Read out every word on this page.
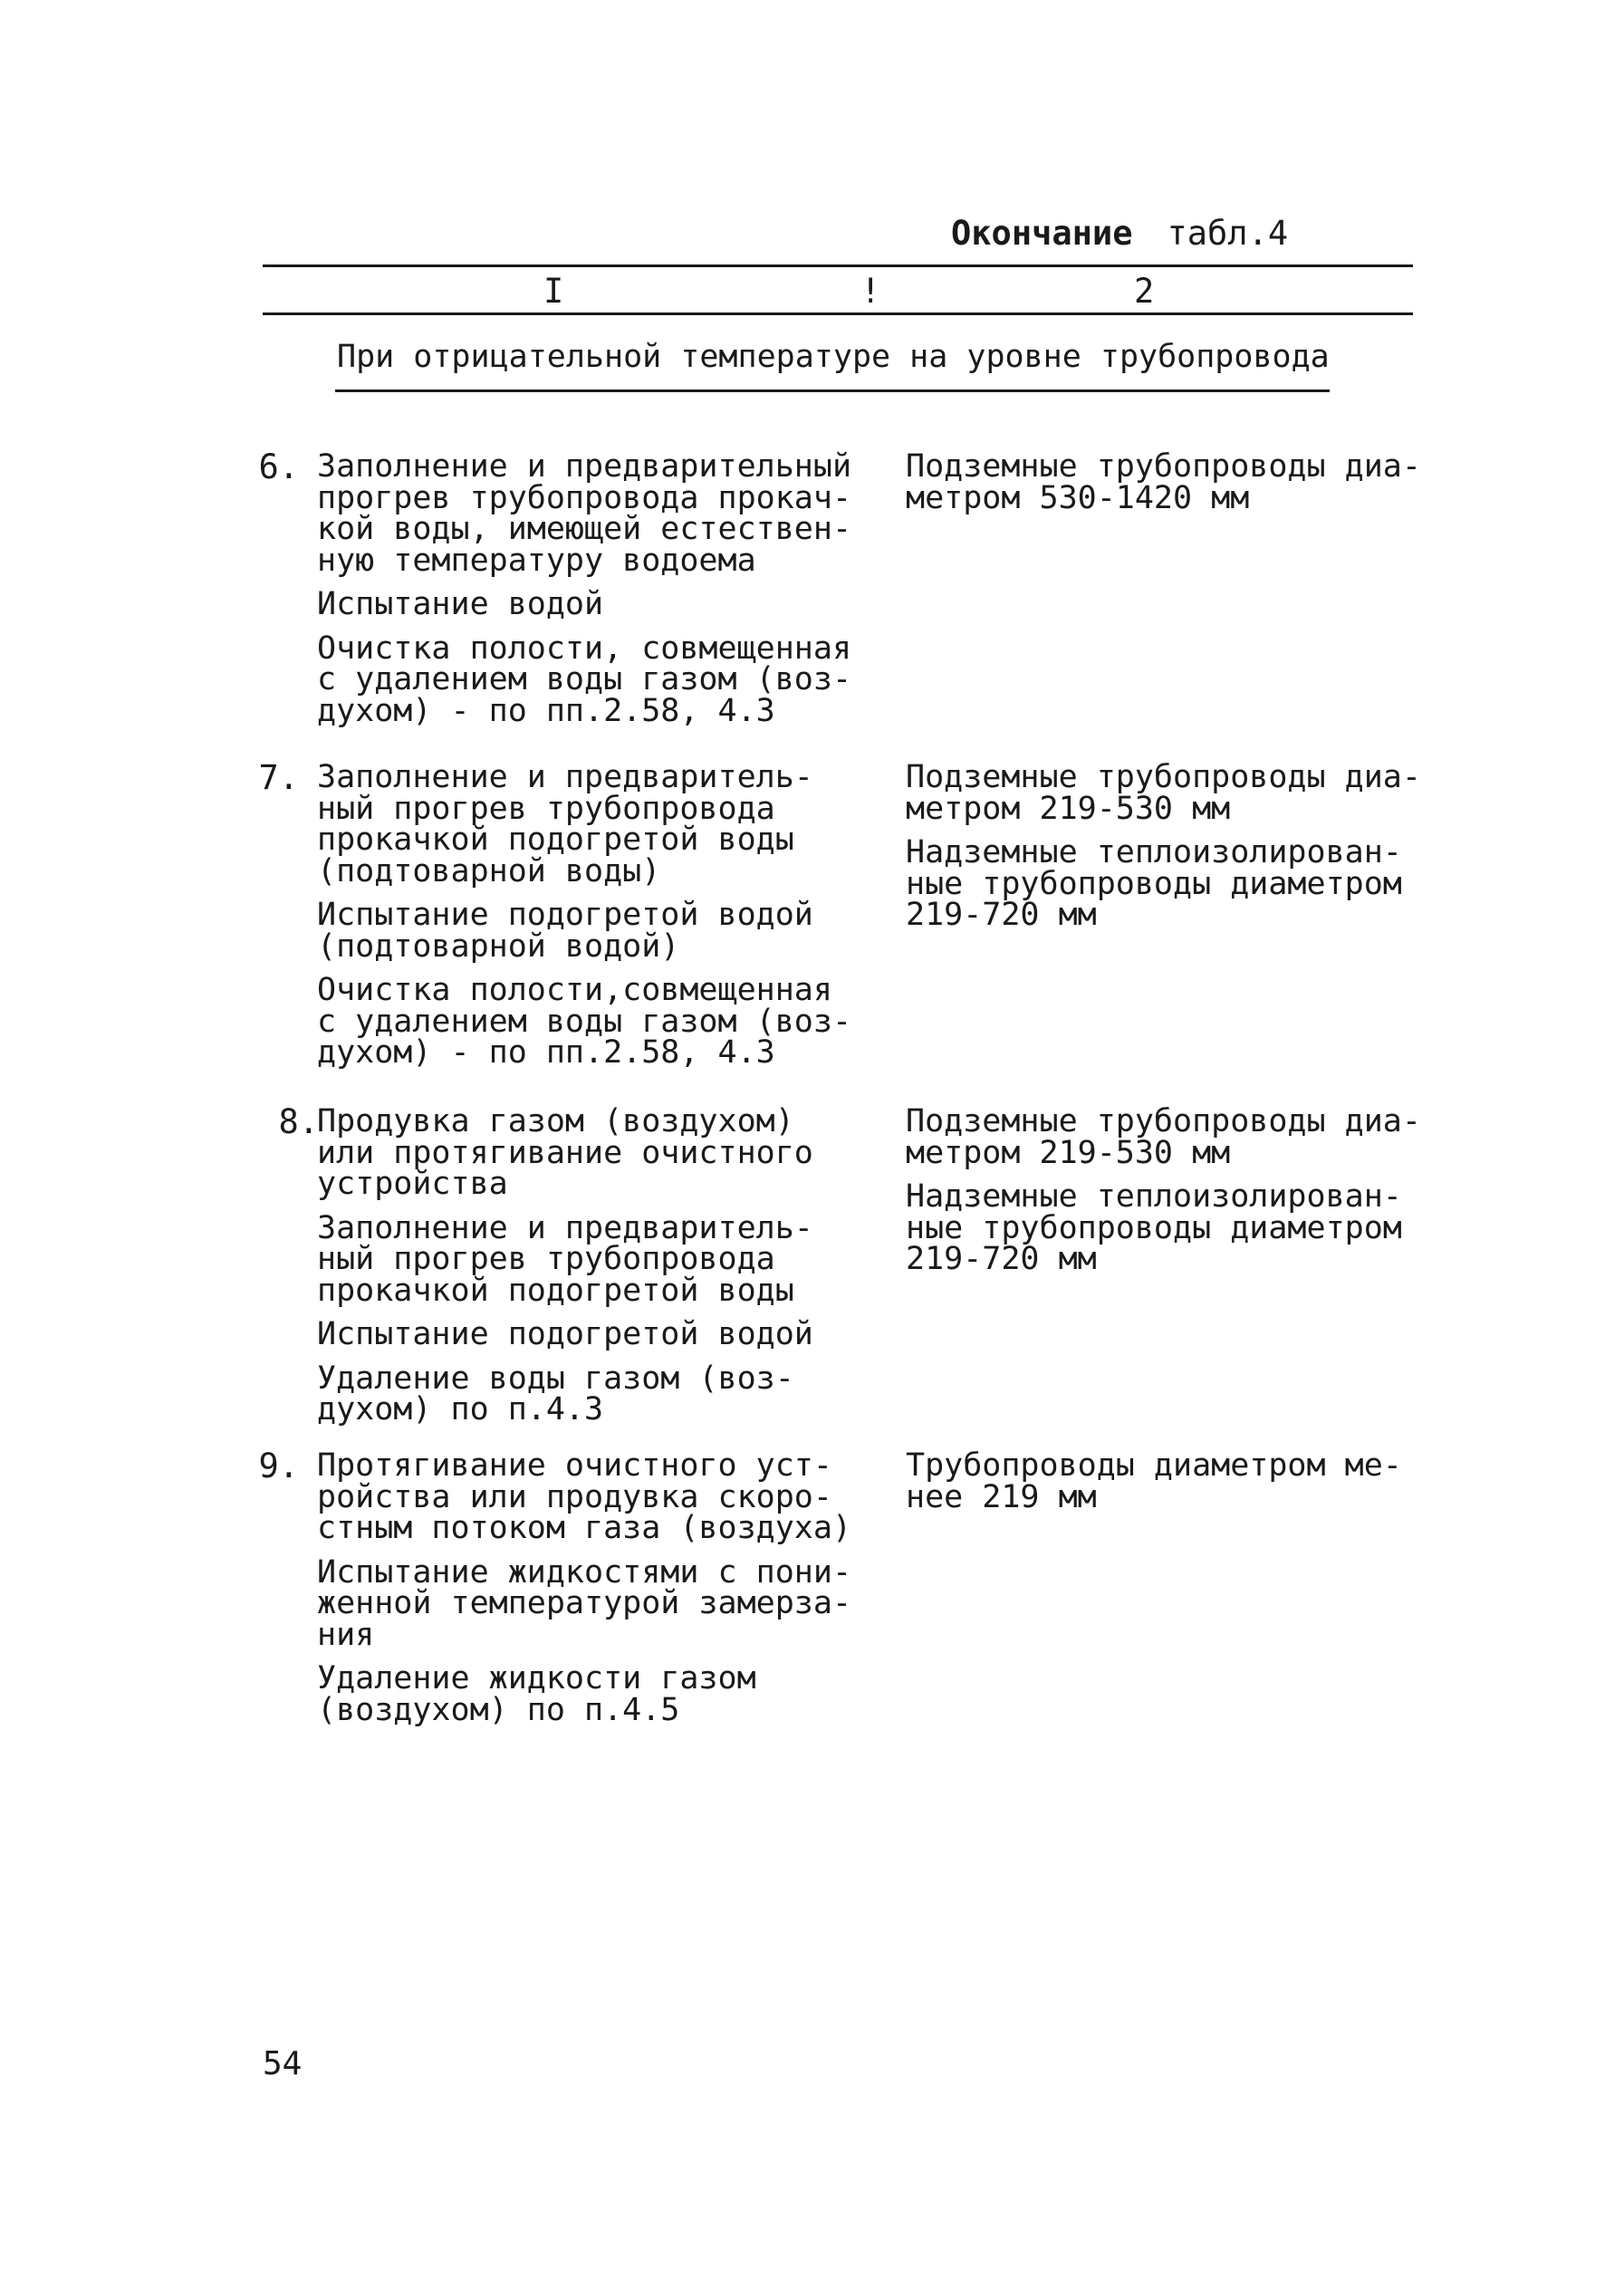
Окончание табл.4
I	!	2
При отрицательной температуре на уровне трубопровода
6. Заполнение и предварительный
прогрев трубопровода прокач-
кой воды, имеющей естествен-
ную температуру водоема
Испытание водой
Очистка полости, совмещенная
с удалением воды газом (воз-
духом) - по пп.2.58, 4.3
Подземные трубопроводы диа-
метром 530-1420 мм
7. Заполнение и предваритель-
ный прогрев трубопровода
прокачкой подогретой воды
(подтоварной воды)
Испытание подогретой водой
(подтоварной водой)
Очистка полости,совмещенная
с удалением воды газом (воз-
духом) - по пп.2.58, 4.3
Подземные трубопроводы диа-
метром 219-530 мм
Надземные теплоизолирован-
ные трубопроводы диаметром
219-720 мм
8.
Продувка газом (воздухом)
или протягивание очистного
устройства
Заполнение и предваритель-
ный прогрев трубопровода
прокачкой подогретой воды
Испытание подогретой водой
Удаление воды газом (воз-
духом) по п.4.3
Подземные трубопроводы диа-
метром 219-530 мм
Надземные теплоизолирован-
ные трубопроводы диаметром
219-720 мм
9. Протягивание очистного уст-
ройства или продувка скоро-
стным потоком газа (воздуха)
Испытание жидкостями с пони-
женной температурой замерза-
ния
Удаление жидкости газом
(воздухом) по п.4.5
Трубопроводы диаметром ме-
нее 219 мм
54
